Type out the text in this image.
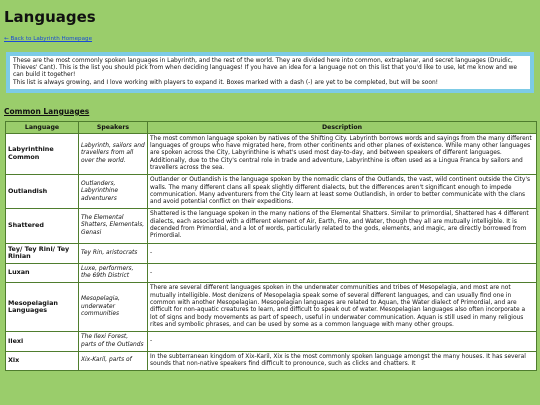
Languages
← Back to Labyrinth Homepage

These are the most commonly spoken languages in Labyrinth, and the rest of the world. They are divided here into common, extraplanar, and secret languages (Druidic, Thieves' Cant). This is the list you should pick from when deciding languages! If you have an idea for a language not on this list that you'd like to use, let me know and we can build it together!

This list is always growing, and I love working with players to expand it. Boxes marked with a dash (-) are yet to be completed, but will be soon!

Common Languages
Language	Speakers	Description
Labyrinthine Common	Labyrinth, sailors and travellers from all over the world.	The most common language spoken by natives of the Shifting City. Labyrinth borrows words and sayings from the many different languages of groups who have migrated here, from other continents and other planes of existence. While many other languages are spoken across the City, Labyrinthine is what's used most day-to-day, and between speakers of different languages. Additionally, due to the City's central role in trade and adventure, Labyrinthine is often used as a Lingua Franca by sailors and travellers across the sea.
Outlandish	Outlanders, Labyrinthine adventurers	Outlander or Outlandish is the language spoken by the nomadic clans of the Outlands, the vast, wild continent outside the City's walls. The many different clans all speak slightly different dialects, but the differences aren't significant enough to impede communication. Many adventurers from the City learn at least some Outlandish, in order to better communicate with the clans and avoid potential conflict on their expeditions.
Shattered	The Elemental Shatters, Elementals, Genasi	Shattered is the language spoken in the many nations of the Elemental Shatters. Similar to primordial, Shattered has 4 different dialects, each associated with a different element of Air, Earth, Fire, and Water, though they all are mutually intelligible. It is decended from Primordial, and a lot of words, particularly related to the gods, elements, and magic, are directly borrowed from Primordial.
Tey/ Tey Rini/ Tey Rinian	Tey Rin, aristocrats	-
Luxan	Luxe, performers, the 69th District	-
Mesopelagian Languages	Mesopelagia, underwater communities	There are several different languages spoken in the underwater communities and tribes of Mesopelagia, and most are not mutually intelligible. Most denizens of Mesopelagia speak some of several different languages, and can usually find one in common with another Mesopelagian. Mesopelagian languages are related to Aquan, the Water dialect of Primordial, and are difficult for non-aquatic creatures to learn, and difficult to speak out of water. Mesopelagian languages also often incorporate a lot of signs and body movements as part of speech, useful in underwater communication. Aquan is still used in many religious rites and symbolic phrases, and can be used by some as a common language with many other groups.
Ilexi	The Ilexi Forest, parts of the Outlands	-
Xix	Xix-Karil, parts of	In the subterranean kingdom of Xix-Karil, Xix is the most commonly spoken language amongst the many houses. It has several sounds that non-native speakers find difficult to pronounce, such as clicks and chatters. It
